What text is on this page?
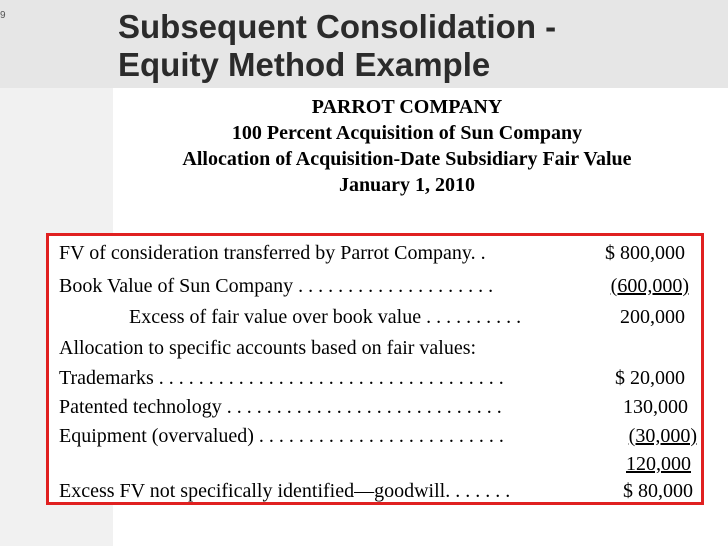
9	Subsequent Consolidation -
Equity Method Example
PARROT COMPANY
100 Percent Acquisition of Sun Company
Allocation of Acquisition-Date Subsidiary Fair Value
January 1, 2010
FV of consideration transferred by Parrot Company. .	$ 800,000
Book Value of Sun Company . . . . . . . . . . . . . . . . . . . .	(600,000)
Excess of fair value over book value . . . . . . . . . .	200,000
Allocation to specific accounts based on fair values:
Trademarks . . . . . . . . . . . . . . . . . . . . . . . . . . . . . . . . . . .	$ 20,000
Patented technology . . . . . . . . . . . . . . . . . . . . . . . . . . . .	130,000
Equipment (overvalued) . . . . . . . . . . . . . . . . . . . . . . . . .	(30,000)
120,000
Excess FV not specifically identified—goodwill. . . . . . .	$ 80,000
